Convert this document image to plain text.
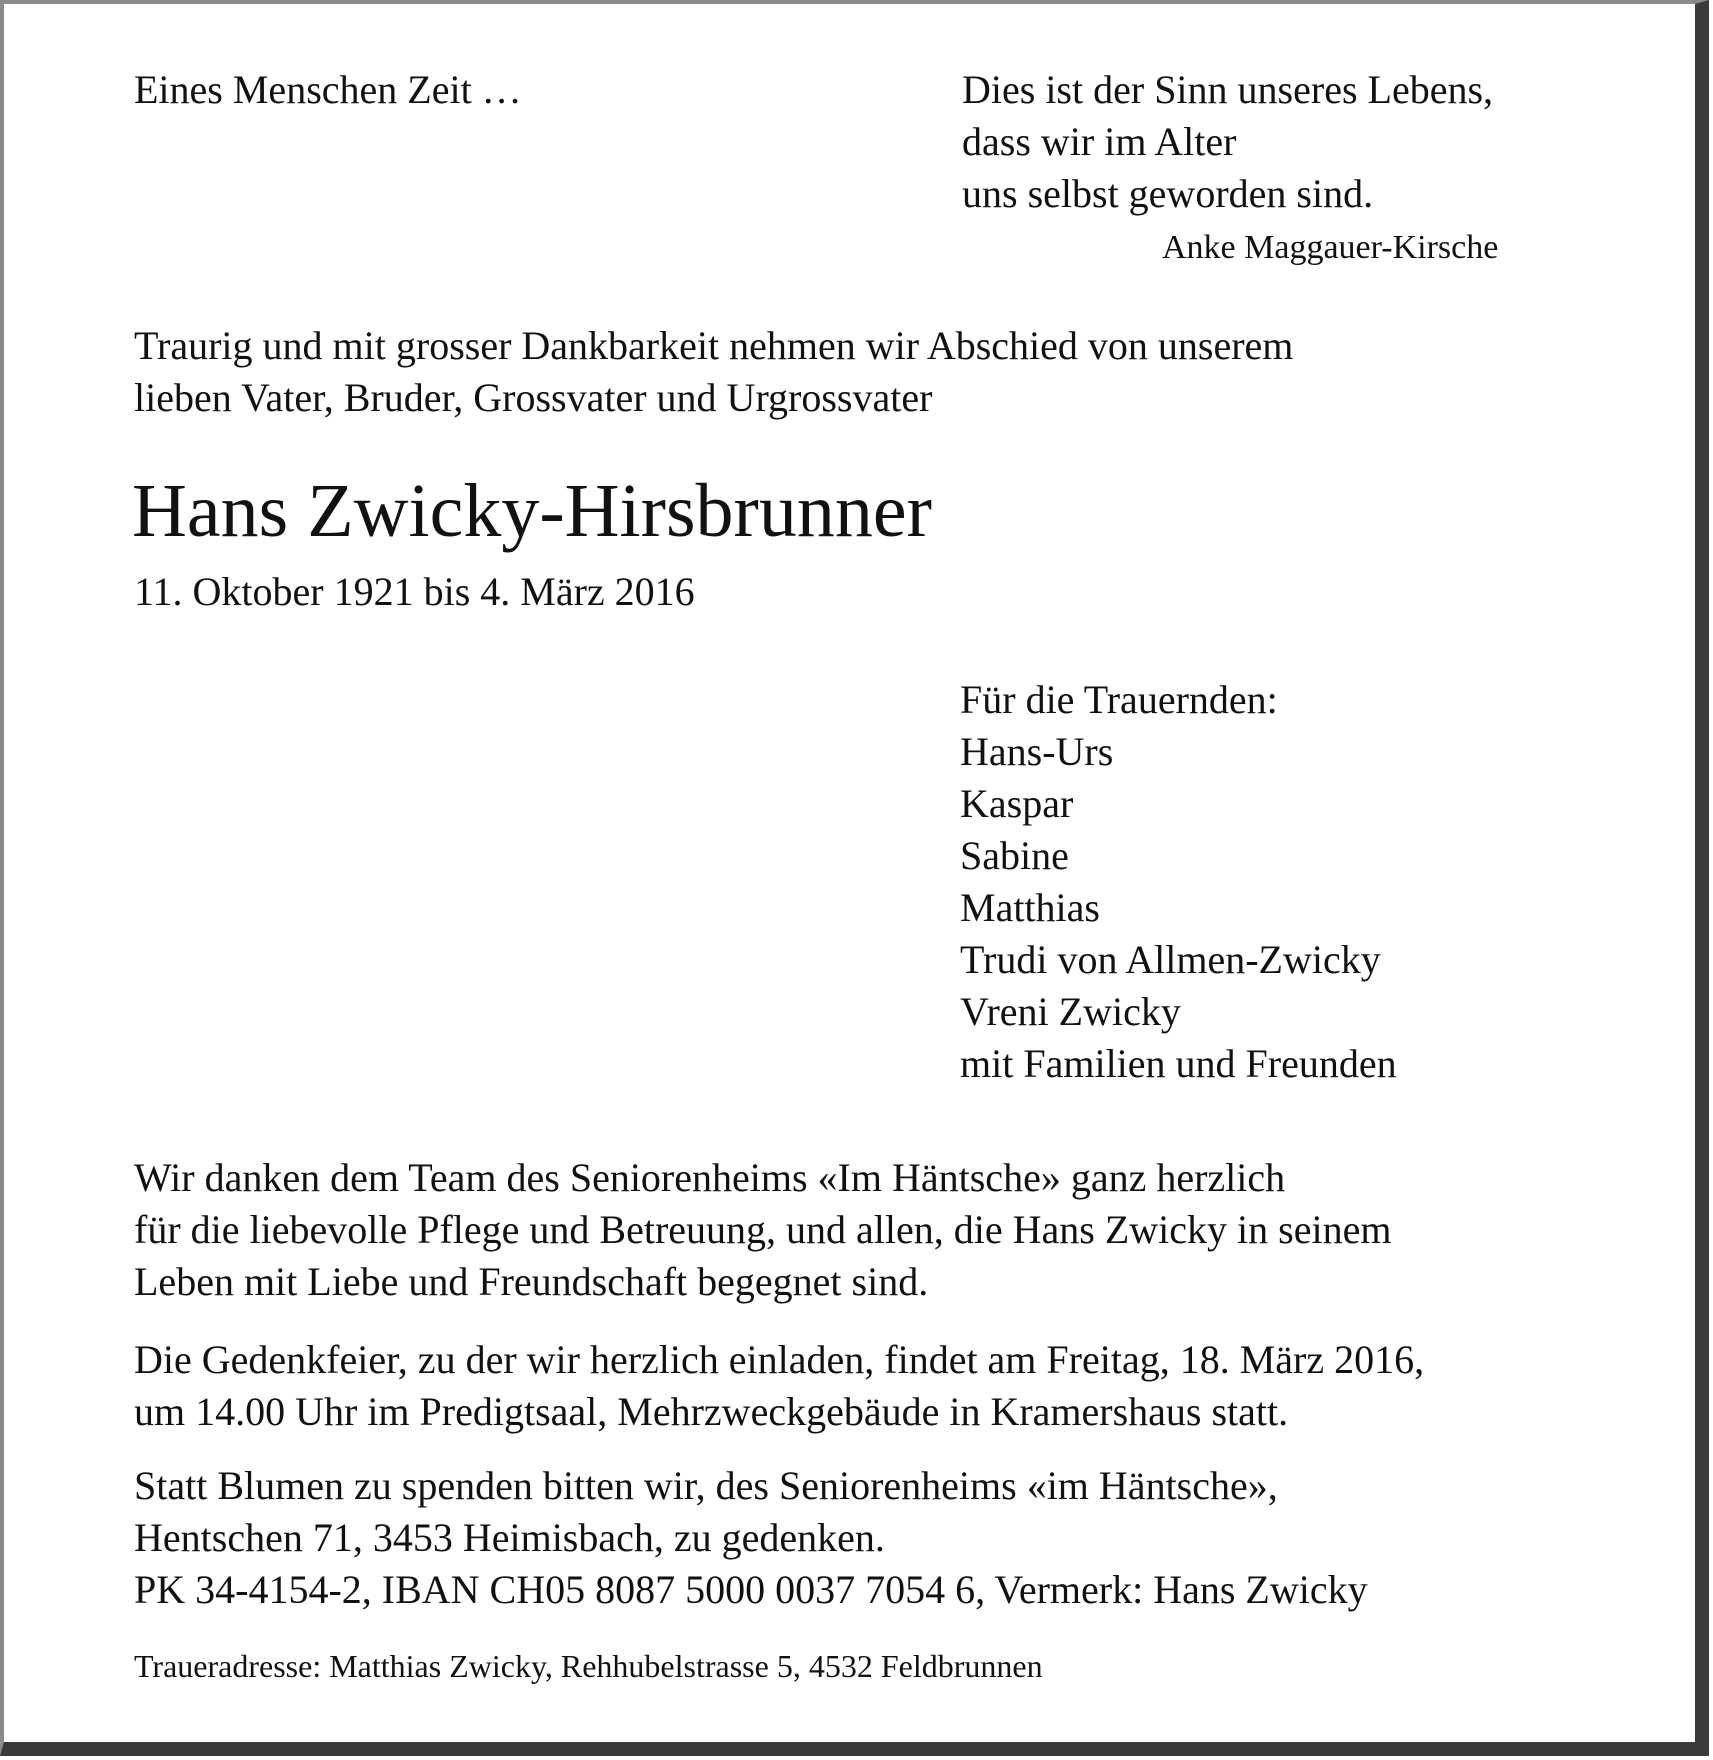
Eines Menschen Zeit …	Dies ist der Sinn unseres Lebens,
dass wir im Alter
uns selbst geworden sind.
Anke Maggauer-Kirsche
Traurig und mit grosser Dankbarkeit nehmen wir Abschied von unserem
lieben Vater, Bruder, Grossvater und Urgrossvater
Hans Zwicky-Hirsbrunner
11. Oktober 1921 bis 4. März 2016
Für die Trauernden:
Hans-Urs
Kaspar
Sabine
Matthias
Trudi von Allmen-Zwicky
Vreni Zwicky
mit Familien und Freunden
Wir danken dem Team des Seniorenheims «Im Häntsche» ganz herzlich
für die liebevolle Pflege und Betreuung, und allen, die Hans Zwicky in seinem
Leben mit Liebe und Freundschaft begegnet sind.
Die Gedenkfeier, zu der wir herzlich einladen, findet am Freitag, 18. März 2016,
um 14.00 Uhr im Predigtsaal, Mehrzweckgebäude in Kramershaus statt.
Statt Blumen zu spenden bitten wir, des Seniorenheims «im Häntsche»,
Hentschen 71, 3453 Heimisbach, zu gedenken.
PK 34-4154-2, IBAN CH05 8087 5000 0037 7054 6, Vermerk: Hans Zwicky
Traueradresse: Matthias Zwicky, Rehhubelstrasse 5, 4532 Feldbrunnen
